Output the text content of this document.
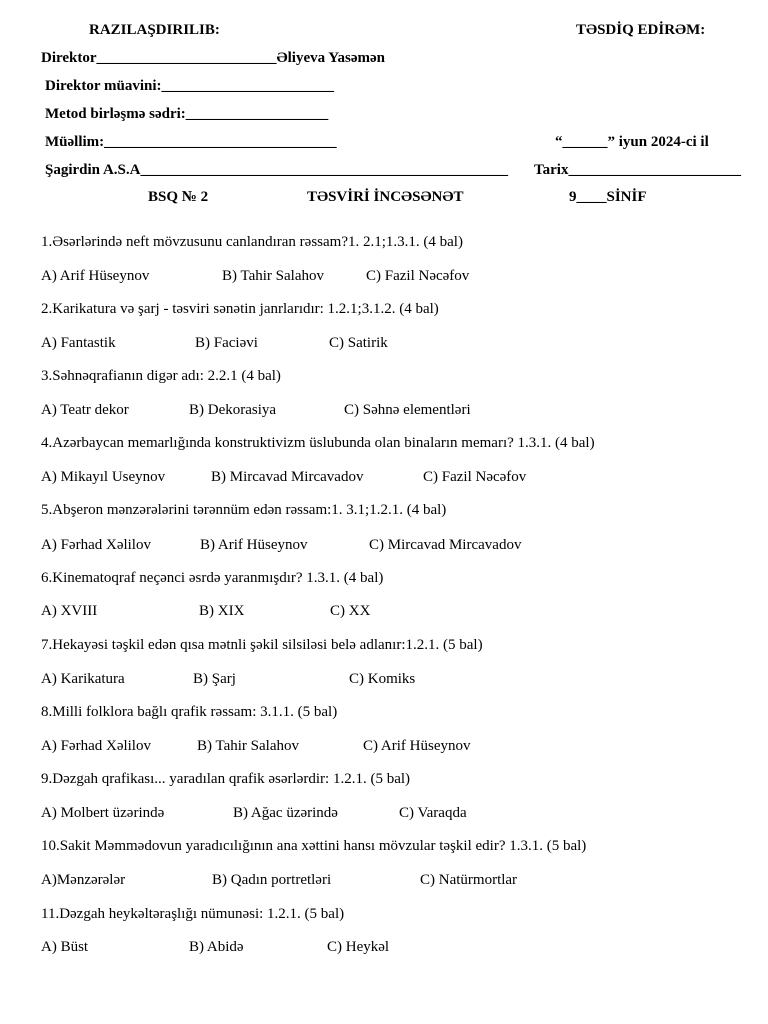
RAZILAŞDIRILIB:	TƏSDİQ EDİRƏM:
Direktor________________________Əliyeva Yasəmən
Direktor müavini:_______________________
Metod birləşmə sədri:___________________
Müəllim:_______________________________	“______” iyun 2024-ci il
Şagirdin A.S.A_________________________________________________ Tarix_______________________
BSQ № 2	TƏSVİRİ İNCƏSƏNƏT	9____SİNİF
1.Əsərlərində neft mövzusunu canlandıran rəssam?1. 2.1;1.3.1. (4 bal)
A) Arif Hüseynov	B) Tahir Salahov	C) Fazil Nəcəfov
2.Karikatura və şarj - təsviri sənətin janrlarıdır: 1.2.1;3.1.2. (4 bal)
A) Fantastik	B) Faciəvi	C) Satirik
3.Səhnəqrafianın digər adı: 2.2.1 (4 bal)
A) Teatr dekor	B) Dekorasiya	C) Səhnə elementləri
4.Azərbaycan memarlığında konstruktivizm üslubunda olan binaların memarı? 1.3.1. (4 bal)
A) Mikayıl Useynov	B) Mircavad Mircavadov	C) Fazil Nəcəfov
5.Abşeron mənzərələrini tərənnüm edən rəssam:1. 3.1;1.2.1. (4 bal)
A) Fərhad Xəlilov	B) Arif Hüseynov	C) Mircavad Mircavadov
6.Kinematoqraf neçənci əsrdə yaranmışdır? 1.3.1. (4 bal)
A) XVIII	B) XIX	C) XX
7.Hekayəsi təşkil edən qısa mətnli şəkil silsiləsi belə adlanır:1.2.1. (5 bal)
A) Karikatura	B) Şarj	C) Komiks
8.Milli folklora bağlı qrafik rəssam: 3.1.1. (5 bal)
A) Fərhad Xəlilov	B) Tahir Salahov	C) Arif Hüseynov
9.Dəzgah qrafikası... yaradılan qrafik əsərlərdir: 1.2.1. (5 bal)
A) Molbert üzərində	B) Ağac üzərində	C) Varaqda
10.Sakit Məmmədovun yaradıcılığının ana xəttini hansı mövzular təşkil edir? 1.3.1. (5 bal)
A)Mənzərələr	B) Qadın portretləri	C) Natürmortlar
11.Dəzgah heykəltəraşlığı nümunəsi: 1.2.1. (5 bal)
A) Büst	B) Abidə	C) Heykəl
